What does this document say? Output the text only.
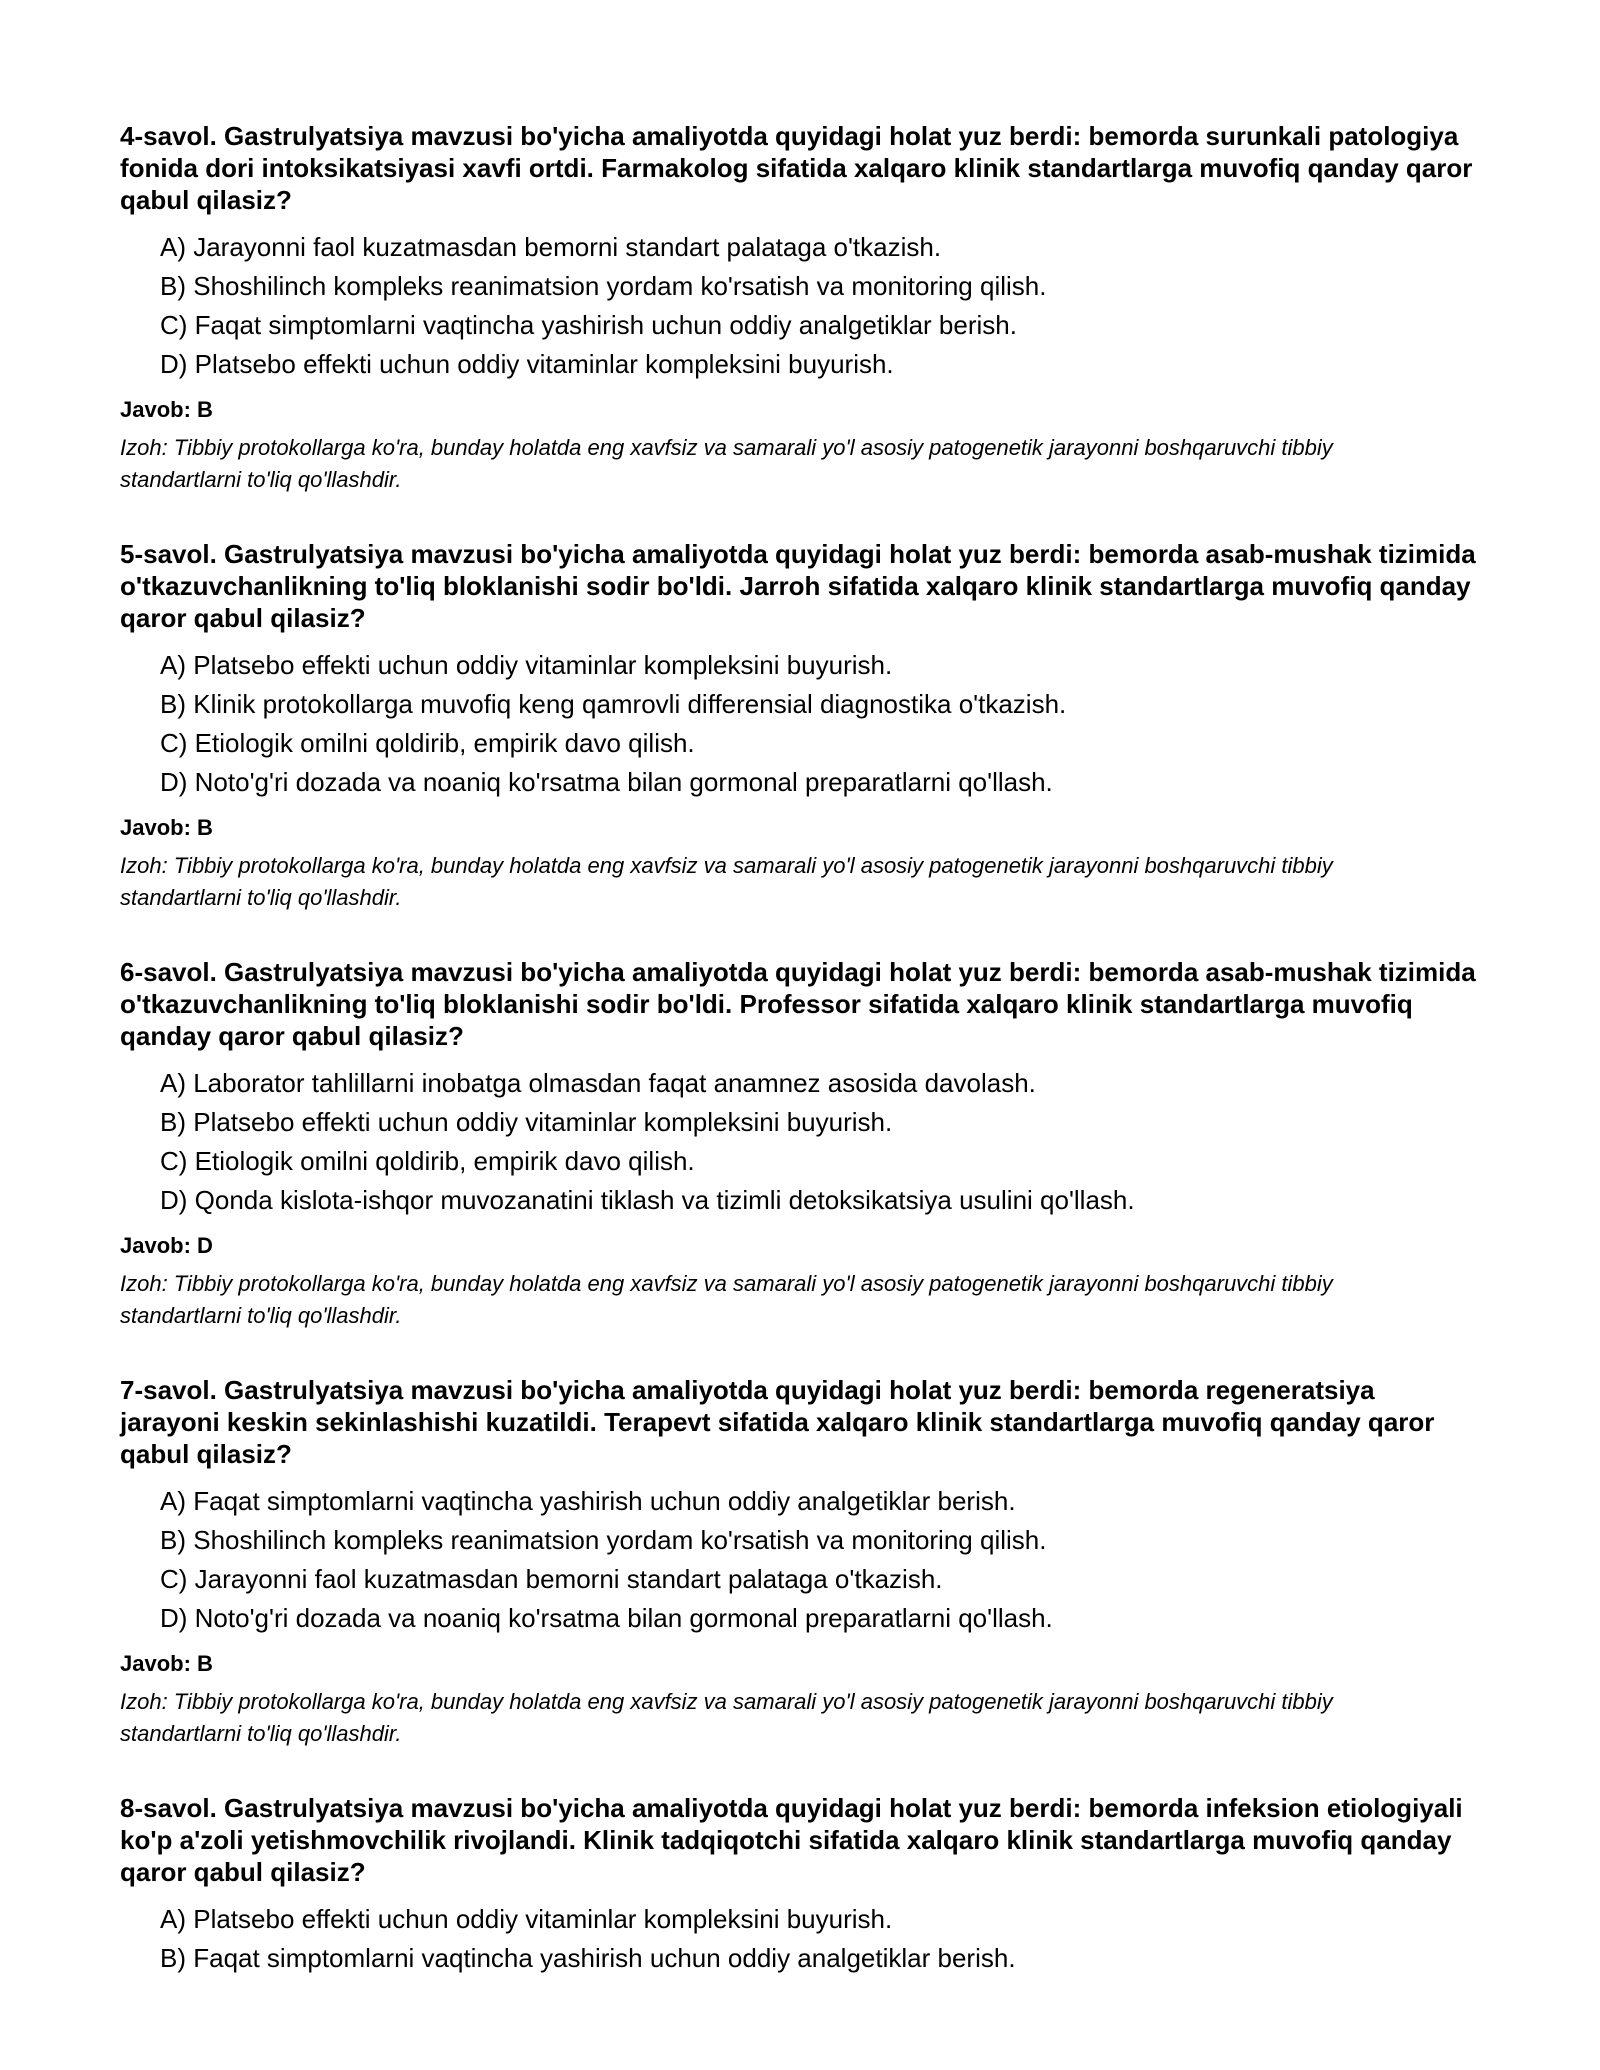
4-savol. Gastrulyatsiya mavzusi bo'yicha amaliyotda quyidagi holat yuz berdi: bemorda surunkali patologiya fonida dori intoksikatsiyasi xavfi ortdi. Farmakolog sifatida xalqaro klinik standartlarga muvofiq qanday qaror qabul qilasiz?
A) Jarayonni faol kuzatmasdan bemorni standart palataga o'tkazish.
B) Shoshilinch kompleks reanimatsion yordam ko'rsatish va monitoring qilish.
C) Faqat simptomlarni vaqtincha yashirish uchun oddiy analgetiklar berish.
D) Platsebo effekti uchun oddiy vitaminlar kompleksini buyurish.
Javob: B
Izoh: Tibbiy protokollarga ko'ra, bunday holatda eng xavfsiz va samarali yo'l asosiy patogenetik jarayonni boshqaruvchi tibbiy standartlarni to'liq qo'llashdir.
5-savol. Gastrulyatsiya mavzusi bo'yicha amaliyotda quyidagi holat yuz berdi: bemorda asab-mushak tizimida o'tkazuvchanlikning to'liq bloklanishi sodir bo'ldi. Jarroh sifatida xalqaro klinik standartlarga muvofiq qanday qaror qabul qilasiz?
A) Platsebo effekti uchun oddiy vitaminlar kompleksini buyurish.
B) Klinik protokollarga muvofiq keng qamrovli differensial diagnostika o'tkazish.
C) Etiologik omilni qoldirib, empirik davo qilish.
D) Noto'g'ri dozada va noaniq ko'rsatma bilan gormonal preparatlarni qo'llash.
Javob: B
Izoh: Tibbiy protokollarga ko'ra, bunday holatda eng xavfsiz va samarali yo'l asosiy patogenetik jarayonni boshqaruvchi tibbiy standartlarni to'liq qo'llashdir.
6-savol. Gastrulyatsiya mavzusi bo'yicha amaliyotda quyidagi holat yuz berdi: bemorda asab-mushak tizimida o'tkazuvchanlikning to'liq bloklanishi sodir bo'ldi. Professor sifatida xalqaro klinik standartlarga muvofiq qanday qaror qabul qilasiz?
A) Laborator tahlillarni inobatga olmasdan faqat anamnez asosida davolash.
B) Platsebo effekti uchun oddiy vitaminlar kompleksini buyurish.
C) Etiologik omilni qoldirib, empirik davo qilish.
D) Qonda kislota-ishqor muvozanatini tiklash va tizimli detoksikatsiya usulini qo'llash.
Javob: D
Izoh: Tibbiy protokollarga ko'ra, bunday holatda eng xavfsiz va samarali yo'l asosiy patogenetik jarayonni boshqaruvchi tibbiy standartlarni to'liq qo'llashdir.
7-savol. Gastrulyatsiya mavzusi bo'yicha amaliyotda quyidagi holat yuz berdi: bemorda regeneratsiya jarayoni keskin sekinlashishi kuzatildi. Terapevt sifatida xalqaro klinik standartlarga muvofiq qanday qaror qabul qilasiz?
A) Faqat simptomlarni vaqtincha yashirish uchun oddiy analgetiklar berish.
B) Shoshilinch kompleks reanimatsion yordam ko'rsatish va monitoring qilish.
C) Jarayonni faol kuzatmasdan bemorni standart palataga o'tkazish.
D) Noto'g'ri dozada va noaniq ko'rsatma bilan gormonal preparatlarni qo'llash.
Javob: B
Izoh: Tibbiy protokollarga ko'ra, bunday holatda eng xavfsiz va samarali yo'l asosiy patogenetik jarayonni boshqaruvchi tibbiy standartlarni to'liq qo'llashdir.
8-savol. Gastrulyatsiya mavzusi bo'yicha amaliyotda quyidagi holat yuz berdi: bemorda infeksion etiologiyali ko'p a'zoli yetishmovchilik rivojlandi. Klinik tadqiqotchi sifatida xalqaro klinik standartlarga muvofiq qanday qaror qabul qilasiz?
A) Platsebo effekti uchun oddiy vitaminlar kompleksini buyurish.
B) Faqat simptomlarni vaqtincha yashirish uchun oddiy analgetiklar berish.
